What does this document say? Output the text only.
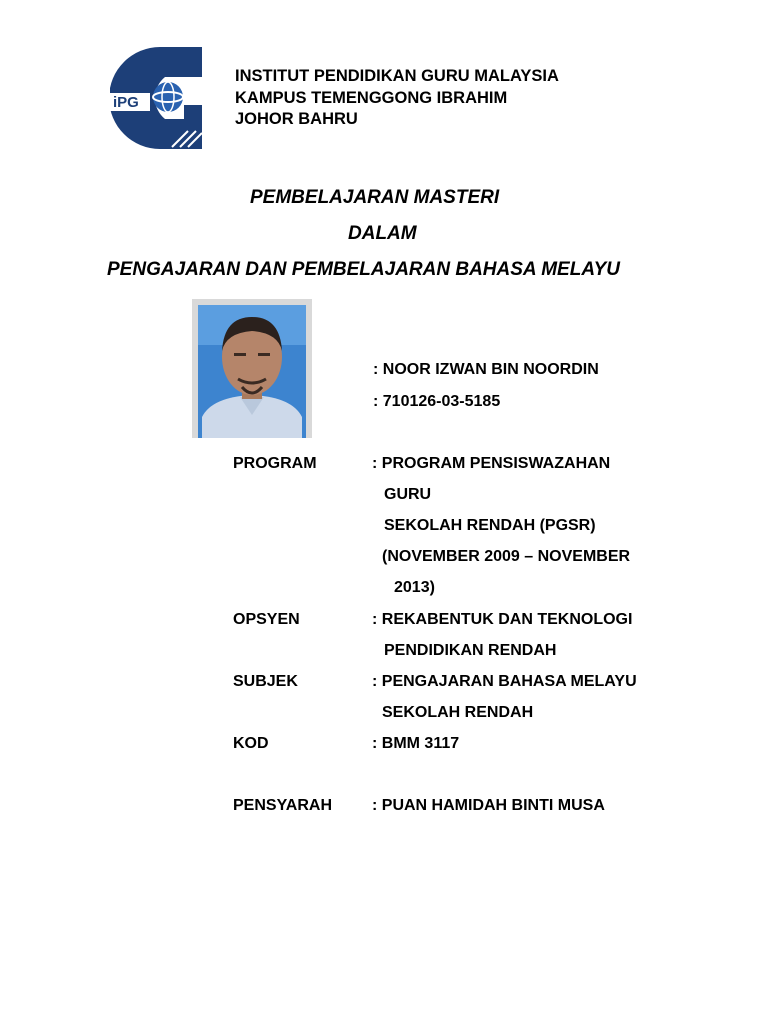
iPG
INSTITUT PENDIDIKAN GURU MALAYSIA
KAMPUS TEMENGGONG IBRAHIM
JOHOR BAHRU
PEMBELAJARAN MASTERI
DALAM
PENGAJARAN DAN PEMBELAJARAN BAHASA MELAYU
: NOOR IZWAN BIN NOORDIN
: 710126-03-5185
PROGRAM	: PROGRAM PENSISWAZAHAN
GURU
SEKOLAH RENDAH (PGSR)
(NOVEMBER 2009 – NOVEMBER
2013)
OPSYEN	: REKABENTUK DAN TEKNOLOGI
PENDIDIKAN RENDAH
SUBJEK	: PENGAJARAN BAHASA MELAYU
SEKOLAH RENDAH
KOD	: BMM 3117
PENSYARAH	: PUAN HAMIDAH BINTI MUSA
